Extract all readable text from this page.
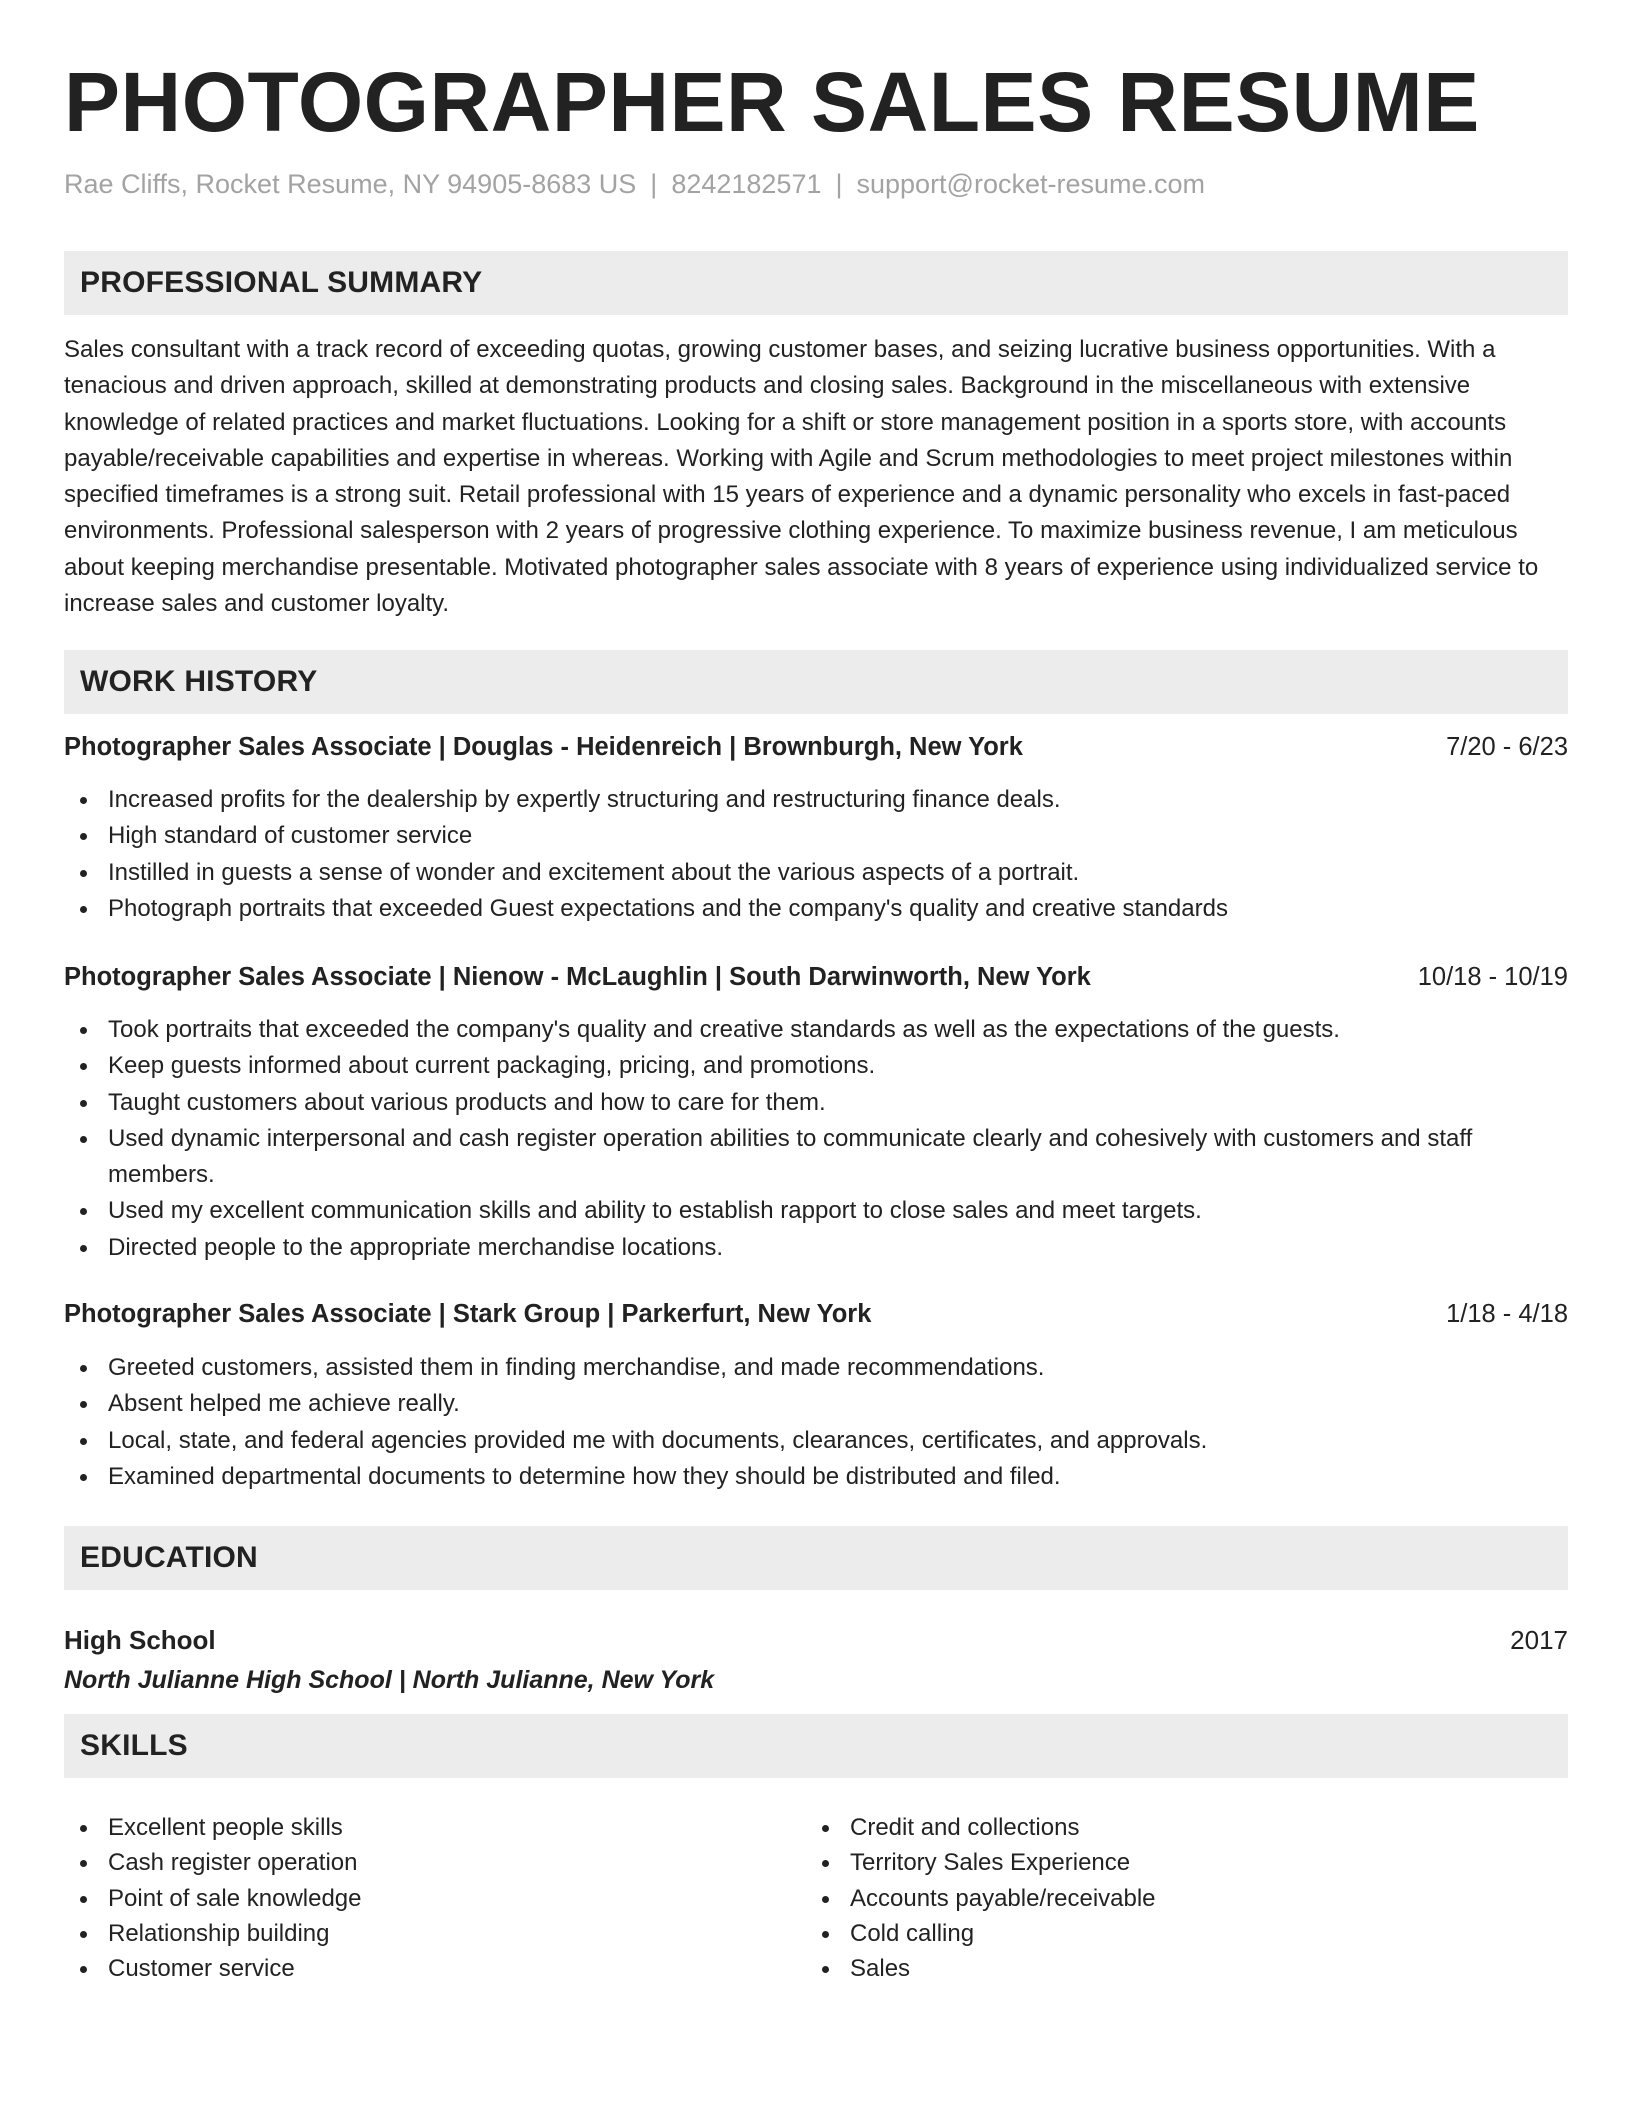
PHOTOGRAPHER SALES RESUME
Rae Cliffs, Rocket Resume, NY 94905-8683 US | 8242182571 | support@rocket-resume.com
PROFESSIONAL SUMMARY

Sales consultant with a track record of exceeding quotas, growing customer bases, and seizing lucrative business opportunities. With a tenacious and driven approach, skilled at demonstrating products and closing sales. Background in the miscellaneous with extensive knowledge of related practices and market fluctuations. Looking for a shift or store management position in a sports store, with accounts payable/receivable capabilities and expertise in whereas. Working with Agile and Scrum methodologies to meet project milestones within specified timeframes is a strong suit. Retail professional with 15 years of experience and a dynamic personality who excels in fast-paced environments. Professional salesperson with 2 years of progressive clothing experience. To maximize business revenue, I am meticulous about keeping merchandise presentable. Motivated photographer sales associate with 8 years of experience using individualized service to increase sales and customer loyalty.

WORK HISTORY
Photographer Sales Associate | Douglas - Heidenreich | Brownburgh, New York	7/20 - 6/23
Increased profits for the dealership by expertly structuring and restructuring finance deals.
High standard of customer service
Instilled in guests a sense of wonder and excitement about the various aspects of a portrait.
Photograph portraits that exceeded Guest expectations and the company's quality and creative standards
Photographer Sales Associate | Nienow - McLaughlin | South Darwinworth, New York	10/18 - 10/19
Took portraits that exceeded the company's quality and creative standards as well as the expectations of the guests.
Keep guests informed about current packaging, pricing, and promotions.
Taught customers about various products and how to care for them.
Used dynamic interpersonal and cash register operation abilities to communicate clearly and cohesively with customers and staff members.
Used my excellent communication skills and ability to establish rapport to close sales and meet targets.
Directed people to the appropriate merchandise locations.
Photographer Sales Associate | Stark Group | Parkerfurt, New York	1/18 - 4/18
Greeted customers, assisted them in finding merchandise, and made recommendations.
Absent helped me achieve really.
Local, state, and federal agencies provided me with documents, clearances, certificates, and approvals.
Examined departmental documents to determine how they should be distributed and filed.
EDUCATION
High School	2017
North Julianne High School | North Julianne, New York
SKILLS
Excellent people skills
Cash register operation
Point of sale knowledge
Relationship building
Customer service
Credit and collections
Territory Sales Experience
Accounts payable/receivable
Cold calling
Sales
